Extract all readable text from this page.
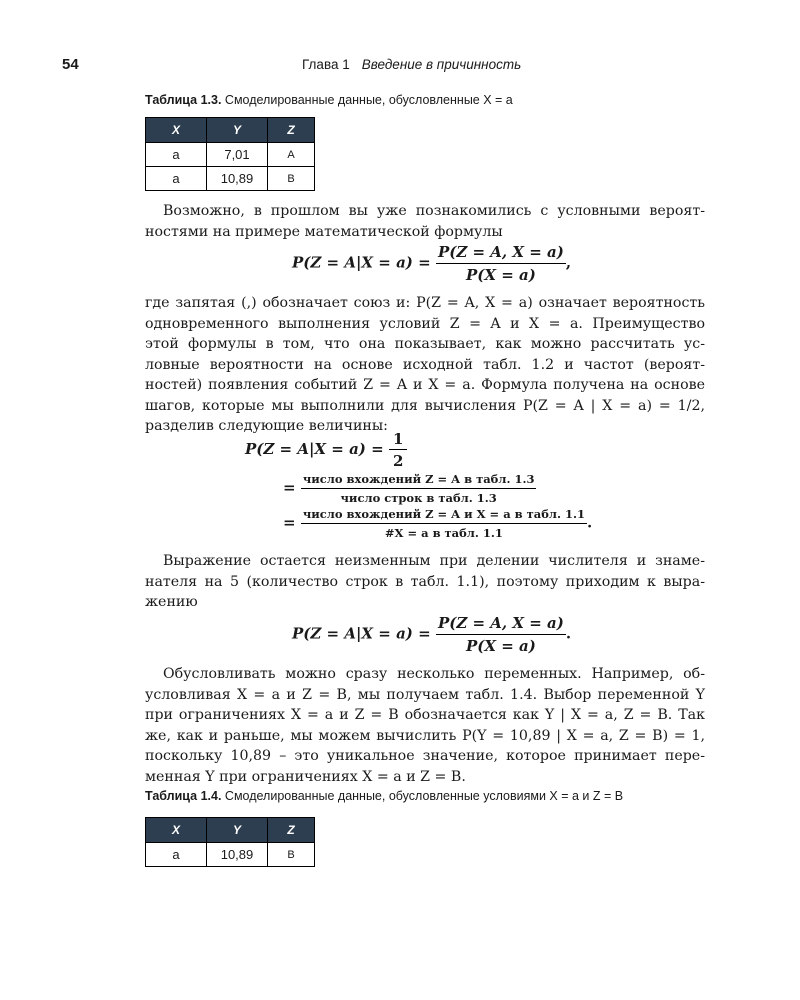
54	Глава 1 Введение в причинность
Таблица 1.3. Смоделированные данные, обусловленные X = a
X	Y	Z
a	7,01	A
a	10,89	B
Возможно, в прошлом вы уже познакомились с условными вероят-
ностями на примере математической формулы
$P(Z = A|X = a) = \frac{P(Z = A, X = a)}{P(X = a)}$ ,
где запятая (,) обозначает союз и: P(Z = A, X = a) означает вероятность
одновременного выполнения условий Z = A и X = a. Преимущество
этой формулы в том, что она показывает, как можно рассчитать ус-
ловные вероятности на основе исходной табл. 1.2 и частот (вероят-
ностей) появления событий Z = A и X = a. Формула получена на основе
шагов, которые мы выполнили для вычисления P(Z = A | X = a) = 1/2,
разделив следующие величины:
$P(Z = A|X = a) = \frac{1}{2}$
= $\frac{\text{число вхождений Z = A в табл. 1.3}}{\text{число строк в табл. 1.3}}$
= $\frac{\text{число вхождений Z = A и X = a в табл. 1.1}}{\text{\#X = a в табл. 1.1}}$ .
Выражение остается неизменным при делении числителя и знаме-
нателя на 5 (количество строк в табл. 1.1), поэтому приходим к выра-
жению
$P(Z = A|X = a) = \frac{P(Z = A, X = a)}{P(X = a)}$ .
Обусловливать можно сразу несколько переменных. Например, об-
условливая X = a и Z = B, мы получаем табл. 1.4. Выбор переменной Y
при ограничениях X = a и Z = B обозначается как Y | X = a, Z = B. Так
же, как и раньше, мы можем вычислить P(Y = 10,89 | X = a, Z = B) = 1,
поскольку 10,89 – это уникальное значение, которое принимает пере-
менная Y при ограничениях X = a и Z = B.
Таблица 1.4. Смоделированные данные, обусловленные условиями X = a и Z = B
X	Y	Z
a	10,89	B
